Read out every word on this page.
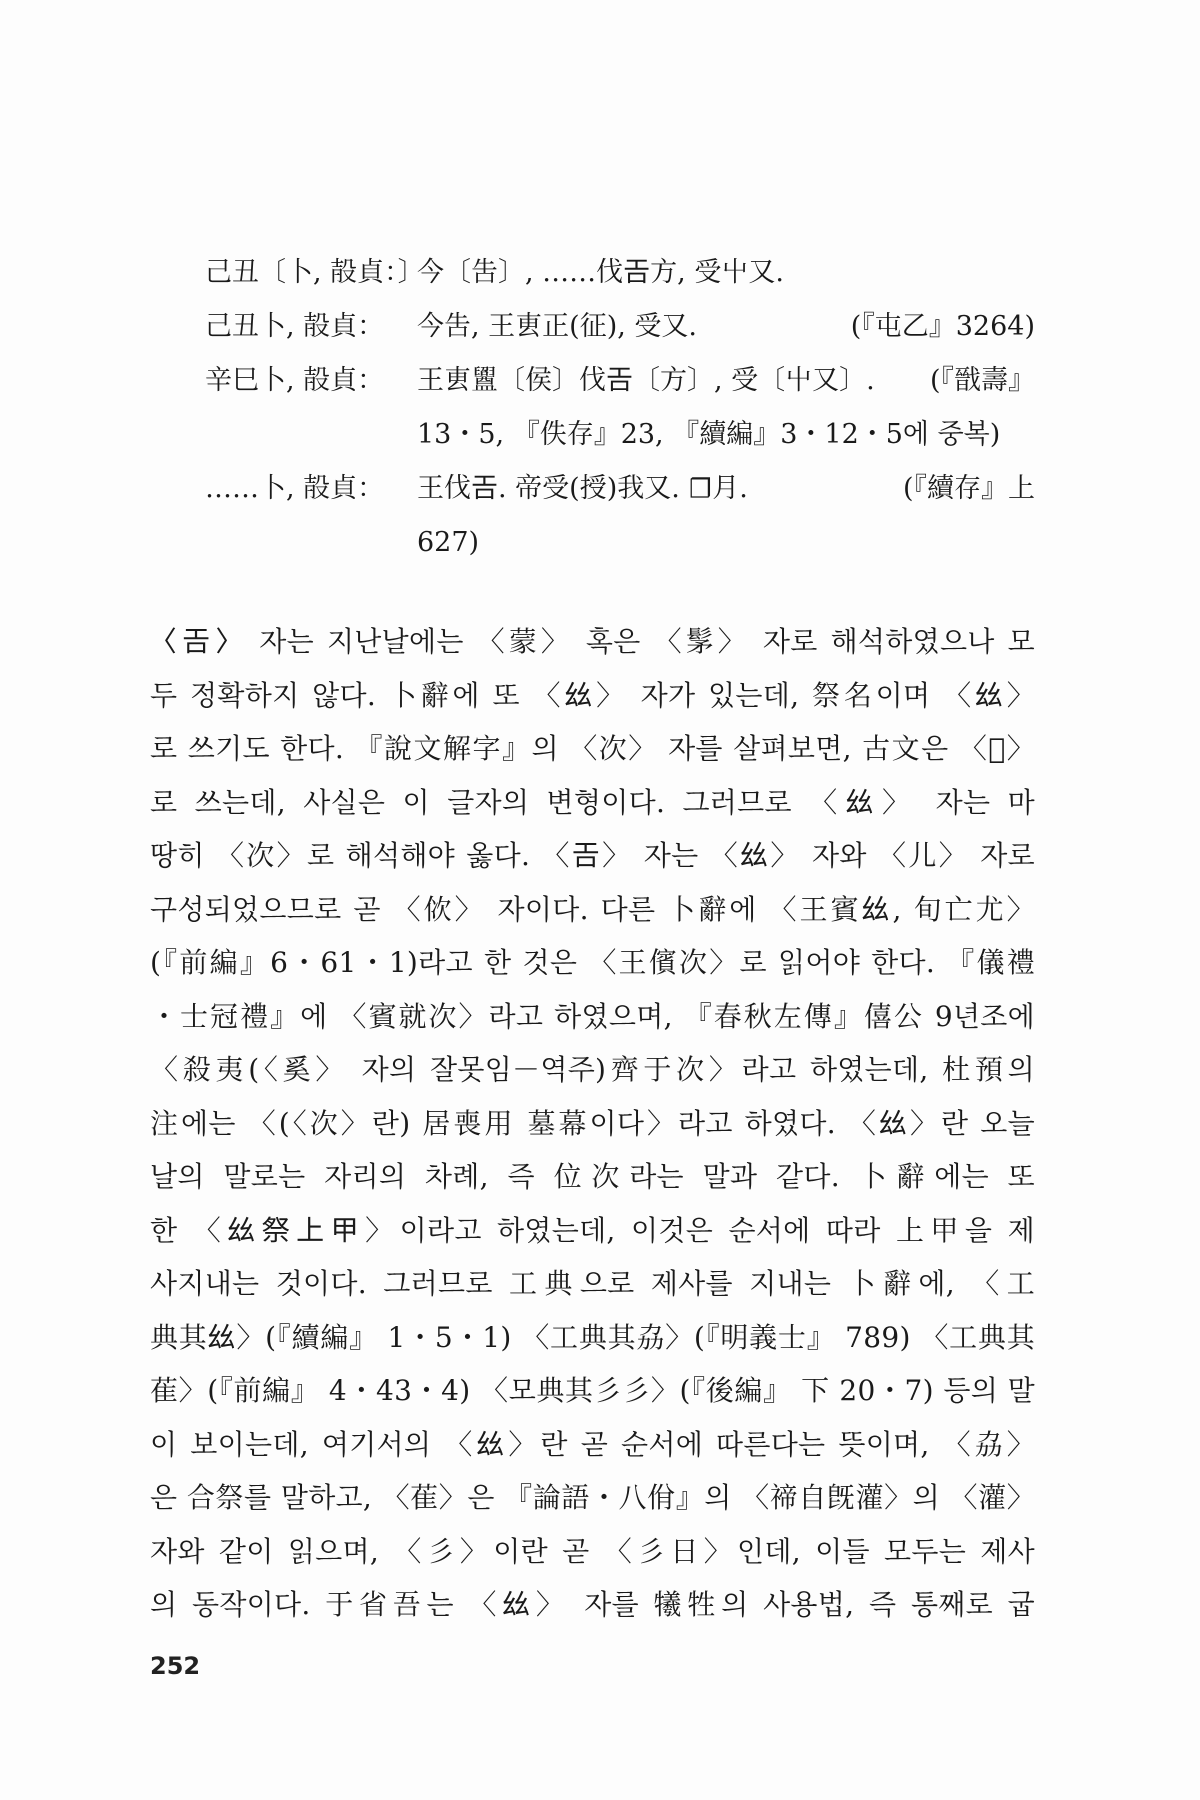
己丑〔卜, 㱿貞：〕今〔吿〕, ……伐𢀛方, 受屮又.
己丑卜, 㱿貞： 今吿, 王叀正(征), 受又.	(『屯乙』3264)
辛巳卜, 㱿貞： 王叀𥃝〔侯〕伐𢀛〔方〕, 受〔屮又〕. (『戩壽』
13・5, 『佚存』23, 『續編』3・12・5에 중복)
……卜, 㱿貞： 王伐𢀛. 帝受(授)我又. ☐月.	(『續存』上
627)
〈𢀛〉 자는 지난날에는 〈蒙〉 혹은 〈髳〉 자로 해석하였으나 모
두 정확하지 않다. 卜辭에 또 〈𢆶〉 자가 있는데, 祭名이며 〈𢆶〉
로 쓰기도 한다. 『說文解字』의 〈次〉 자를 살펴보면, 古文은 〈𠘬〉
로 쓰는데, 사실은 이 글자의 변형이다. 그러므로 〈𢆶〉 자는 마
땅히 〈次〉로 해석해야 옳다. 〈𢀛〉 자는 〈𢆶〉 자와 〈儿〉 자로
구성되었으므로 곧 〈佽〉 자이다. 다른 卜辭에 〈王賓𢆶, 旬亡尤〉
(『前編』6・61・1)라고 한 것은 〈王儐次〉로 읽어야 한다. 『儀禮
・士冠禮』에 〈賓就次〉라고 하였으며, 『春秋左傳』僖公 9년조에
〈殺夷(〈奚〉 자의 잘못임－역주)齊于次〉라고 하였는데, 杜預의
注에는 〈(〈次〉란) 居喪用 墓幕이다〉라고 하였다. 〈𢆶〉란 오늘
날의 말로는 자리의 차례, 즉 位次라는 말과 같다. 卜辭에는 또
한 〈𢆶祭上甲〉이라고 하였는데, 이것은 순서에 따라 上甲을 제
사지내는 것이다. 그러므로 工典으로 제사를 지내는 卜辭에, 〈工
典其𢆶〉(『續編』 1・5・1) 〈工典其劦〉(『明義士』 789) 〈工典其
萑〉(『前編』 4・43・4) 〈모典其彡彡〉(『後編』 下 20・7) 등의 말
이 보이는데, 여기서의 〈𢆶〉란 곧 순서에 따른다는 뜻이며, 〈劦〉
은 合祭를 말하고, 〈萑〉은 『論語・八佾』의 〈禘自旣灌〉의 〈灌〉
자와 같이 읽으며, 〈彡〉이란 곧 〈彡日〉인데, 이들 모두는 제사
의 동작이다. 于省吾는 〈𢆶〉 자를 犧牲의 사용법, 즉 통째로 굽
252
